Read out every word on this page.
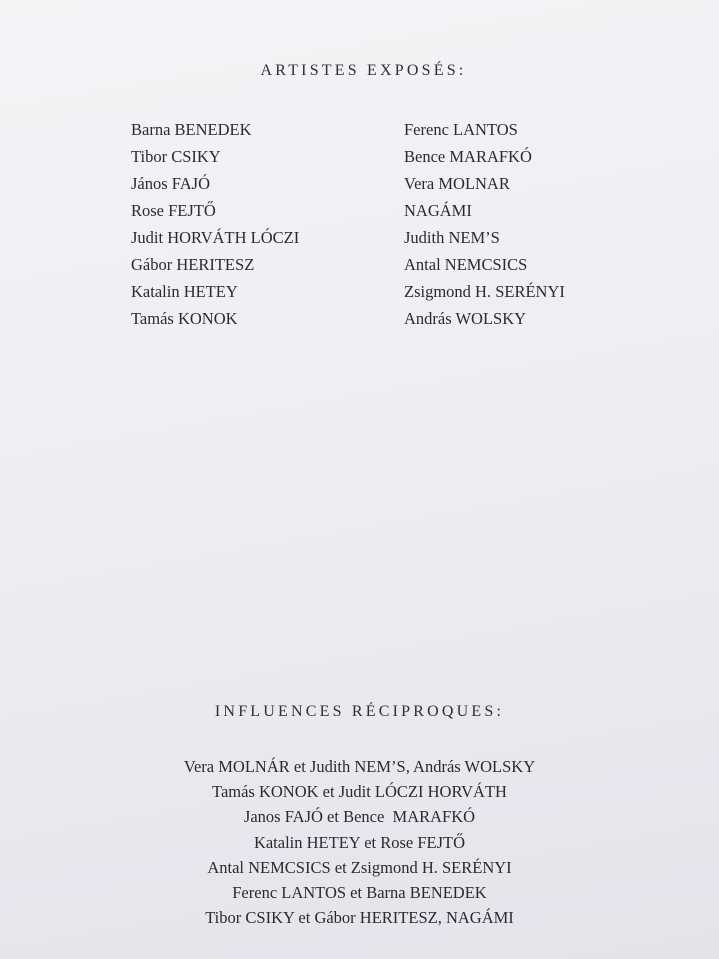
ARTISTES EXPOSÉS:
Barna BENEDEK
Tibor CSIKY
János FAJÓ
Rose FEJTŐ
Judit HORVÁTH LÓCZI
Gábor HERITESZ
Katalin HETEY
Tamás KONOK
Ferenc LANTOS
Bence MARAFKÓ
Vera MOLNAR
NAGÁMI
Judith NEM’S
Antal NEMCSICS
Zsigmond H. SERÉNYI
András WOLSKY
INFLUENCES RÉCIPROQUES:
Vera MOLNÁR et Judith NEM’S, András WOLSKY
Tamás KONOK et Judit LÓCZI HORVÁTH
Janos FAJÓ et Bence  MARAFKÓ
Katalin HETEY et Rose FEJTŐ
Antal NEMCSICS et Zsigmond H. SERÉNYI
Ferenc LANTOS et Barna BENEDEK
Tibor CSIKY et Gábor HERITESZ, NAGÁMI
